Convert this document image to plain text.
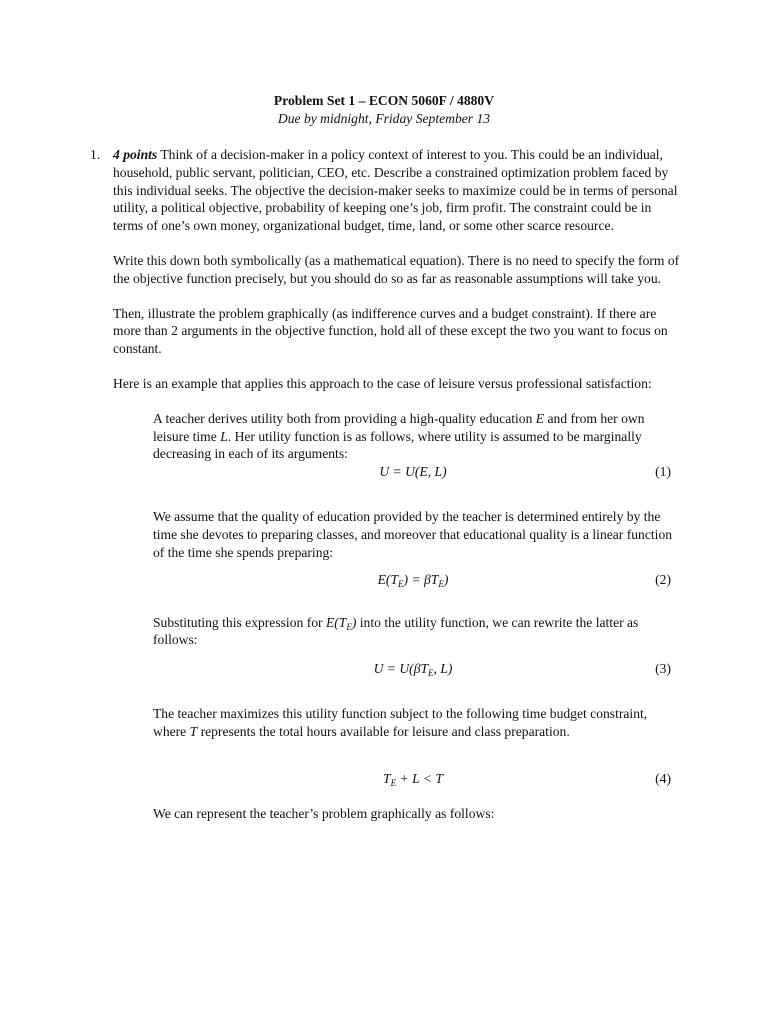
Problem Set 1 – ECON 5060F / 4880V
Due by midnight, Friday September 13
1. 4 points Think of a decision-maker in a policy context of interest to you. This could be an individual, household, public servant, politician, CEO, etc. Describe a constrained optimization problem faced by this individual seeks. The objective the decision-maker seeks to maximize could be in terms of personal utility, a political objective, probability of keeping one’s job, firm profit. The constraint could be in terms of one’s own money, organizational budget, time, land, or some other scarce resource.

Write this down both symbolically (as a mathematical equation). There is no need to specify the form of the objective function precisely, but you should do so as far as reasonable assumptions will take you.

Then, illustrate the problem graphically (as indifference curves and a budget constraint). If there are more than 2 arguments in the objective function, hold all of these except the two you want to focus on constant.

Here is an example that applies this approach to the case of leisure versus professional satisfaction:

A teacher derives utility both from providing a high-quality education E and from her own leisure time L. Her utility function is as follows, where utility is assumed to be marginally decreasing in each of its arguments:

U = U(E, L)	(1)

We assume that the quality of education provided by the teacher is determined entirely by the time she devotes to preparing classes, and moreover that educational quality is a linear function of the time she spends preparing:

$E(T_E) = \beta T_E$)	(2)

Substituting this expression for $E(T_E)$ into the utility function, we can rewrite the latter as follows:

$U = U(\beta T_E$, L)	(3)

The teacher maximizes this utility function subject to the following time budget constraint, where T represents the total hours available for leisure and class preparation.

$T_E + L < T$	(4)

We can represent the teacher’s problem graphically as follows:
